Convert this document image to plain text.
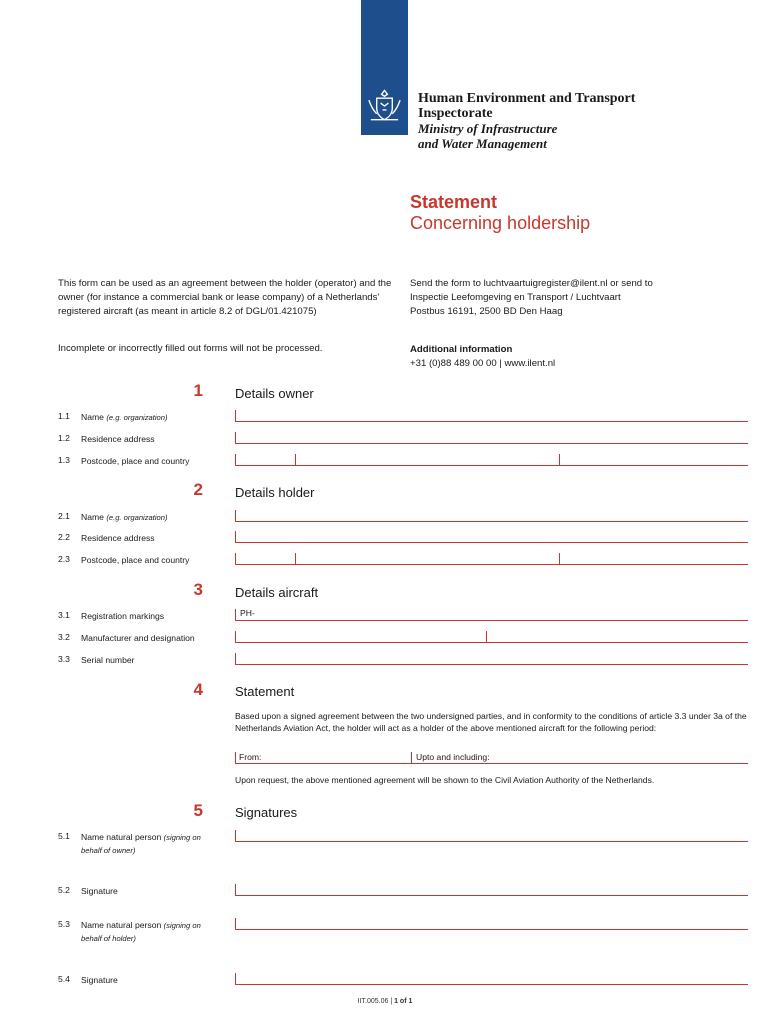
Human Environment and Transport
Inspectorate
Ministry of Infrastructure
and Water Management
Statement
Concerning holdership
This form can be used as an agreement between the holder (operator) and the owner (for instance a commercial bank or lease company) of a Netherlands' registered aircraft (as meant in article 8.2 of DGL/01.421075)
Incomplete or incorrectly filled out forms will not be processed.
Send the form to luchtvaartuigregister@ilent.nl or send to
Inspectie Leefomgeving en Transport / Luchtvaart
Postbus 16191, 2500 BD Den Haag
Additional information
+31 (0)88 489 00 00 | www.ilent.nl
1 Details owner
1.1 Name (e.g. organization)
1.2 Residence address
1.3 Postcode, place and country
2 Details holder
2.1 Name (e.g. organization)
2.2 Residence address
2.3 Postcode, place and country
3 Details aircraft
3.1 Registration markings	PH-
3.2 Manufacturer and designation
3.3 Serial number
4 Statement
Based upon a signed agreement between the two undersigned parties, and in conformity to the conditions of article 3.3 under 3a of the Netherlands Aviation Act, the holder will act as a holder of the above mentioned aircraft for the following period:
From:	Upto and including:
Upon request, the above mentioned agreement will be shown to the Civil Aviation Authority of the Netherlands.
5 Signatures
5.1 Name natural person (signing on behalf of owner)
5.2 Signature
5.3 Name natural person (signing on behalf of holder)
5.4 Signature
IIT.005.06 | 1 of 1
